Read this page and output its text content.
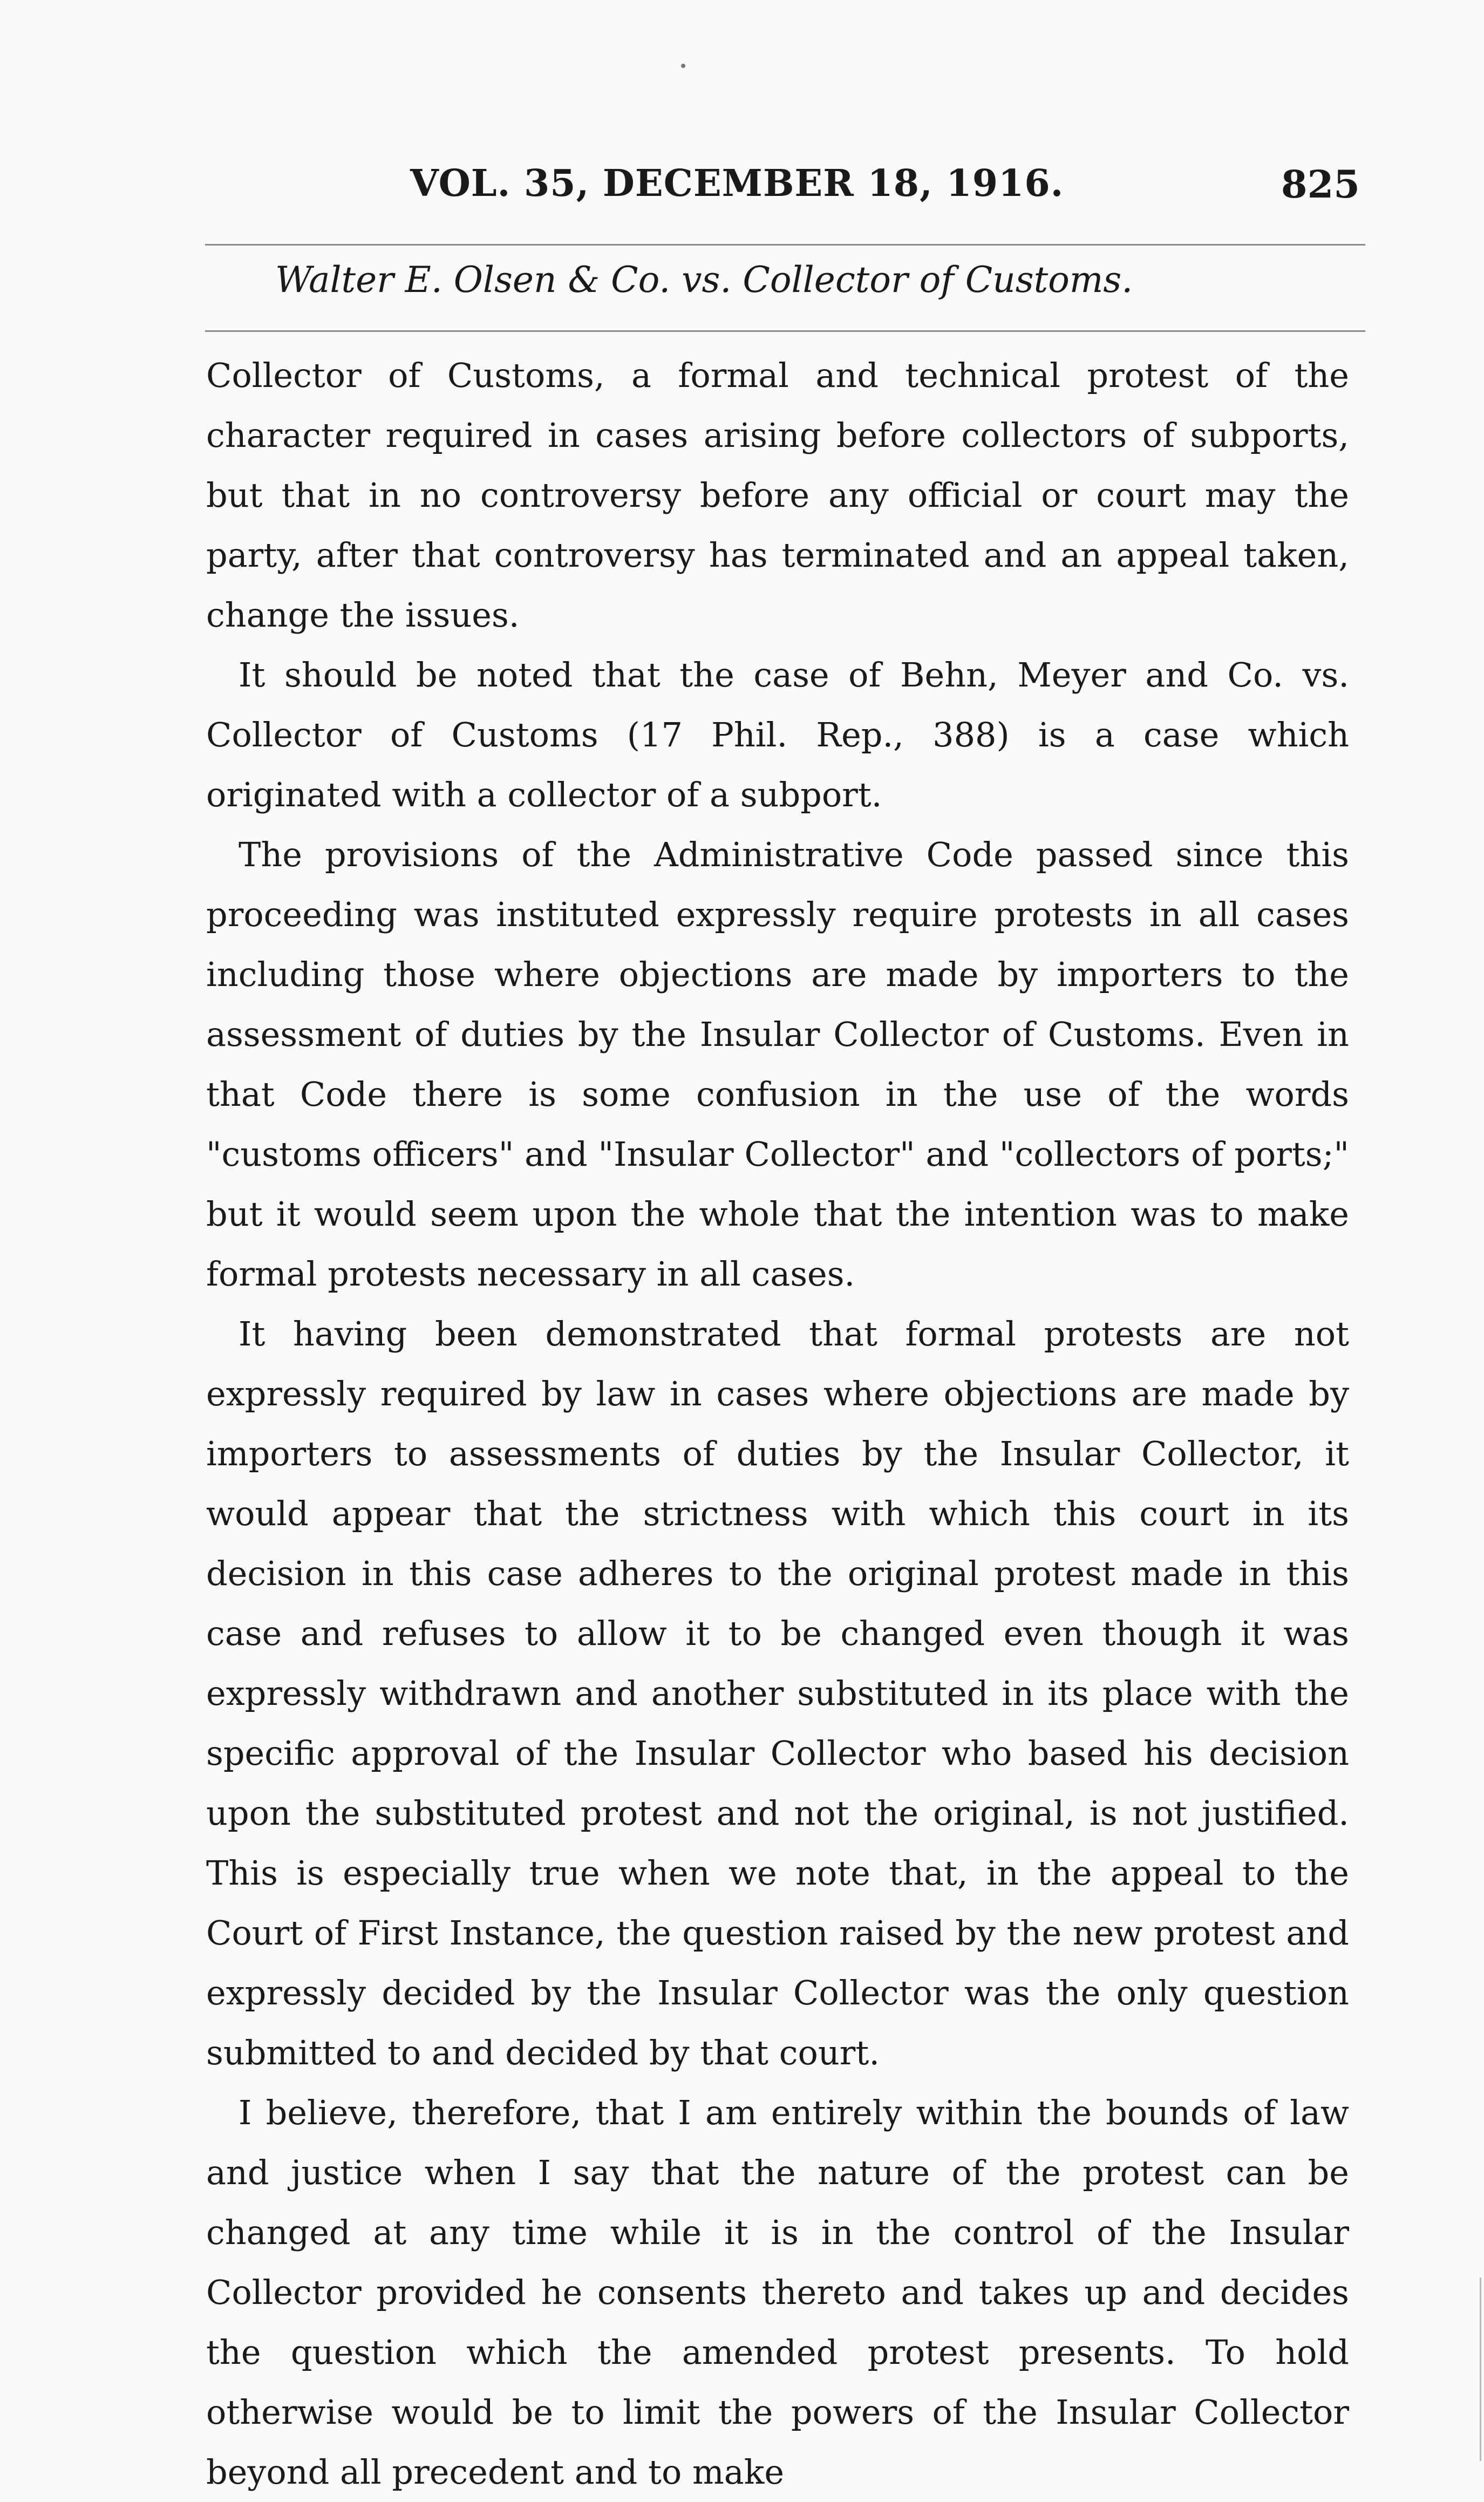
VOL. 35, DECEMBER 18, 1916.	825
Walter E. Olsen & Co. vs. Collector of Customs.

Collector of Customs, a formal and technical protest of the character required in cases arising before collectors of subports, but that in no controversy before any official or court may the party, after that controversy has terminated and an appeal taken, change the issues.

It should be noted that the case of Behn, Meyer and Co. vs. Collector of Customs (17 Phil. Rep., 388) is a case which originated with a collector of a subport.

The provisions of the Administrative Code passed since this proceeding was instituted expressly require protests in all cases including those where objections are made by importers to the assessment of duties by the Insular Collector of Customs. Even in that Code there is some confusion in the use of the words "customs officers" and "Insular Collector" and "collectors of ports;" but it would seem upon the whole that the intention was to make formal protests necessary in all cases.

It having been demonstrated that formal protests are not expressly required by law in cases where objections are made by importers to assessments of duties by the Insular Collector, it would appear that the strictness with which this court in its decision in this case adheres to the original protest made in this case and refuses to allow it to be changed even though it was expressly withdrawn and another substituted in its place with the specific approval of the Insular Collector who based his decision upon the substituted protest and not the original, is not justified. This is especially true when we note that, in the appeal to the Court of First Instance, the question raised by the new protest and expressly decided by the Insular Collector was the only question submitted to and decided by that court.

I believe, therefore, that I am entirely within the bounds of law and justice when I say that the nature of the protest can be changed at any time while it is in the control of the Insular Collector provided he consents thereto and takes up and decides the question which the amended protest presents. To hold otherwise would be to limit the powers of the Insular Collector beyond all precedent and to make
